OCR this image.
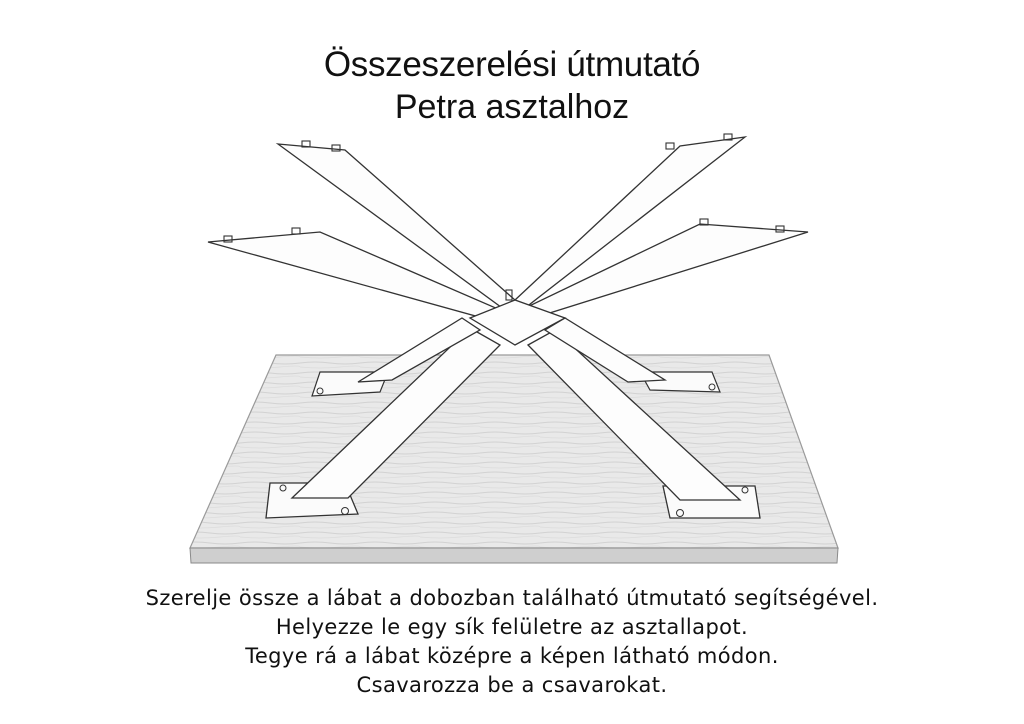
Összeszerelési útmutató
Petra asztalhoz
Szerelje össze a lábat a dobozban található útmutató segítségével.
Helyezze le egy sík felületre az asztallapot.
Tegye rá a lábat középre a képen látható módon.
Csavarozza be a csavarokat.
